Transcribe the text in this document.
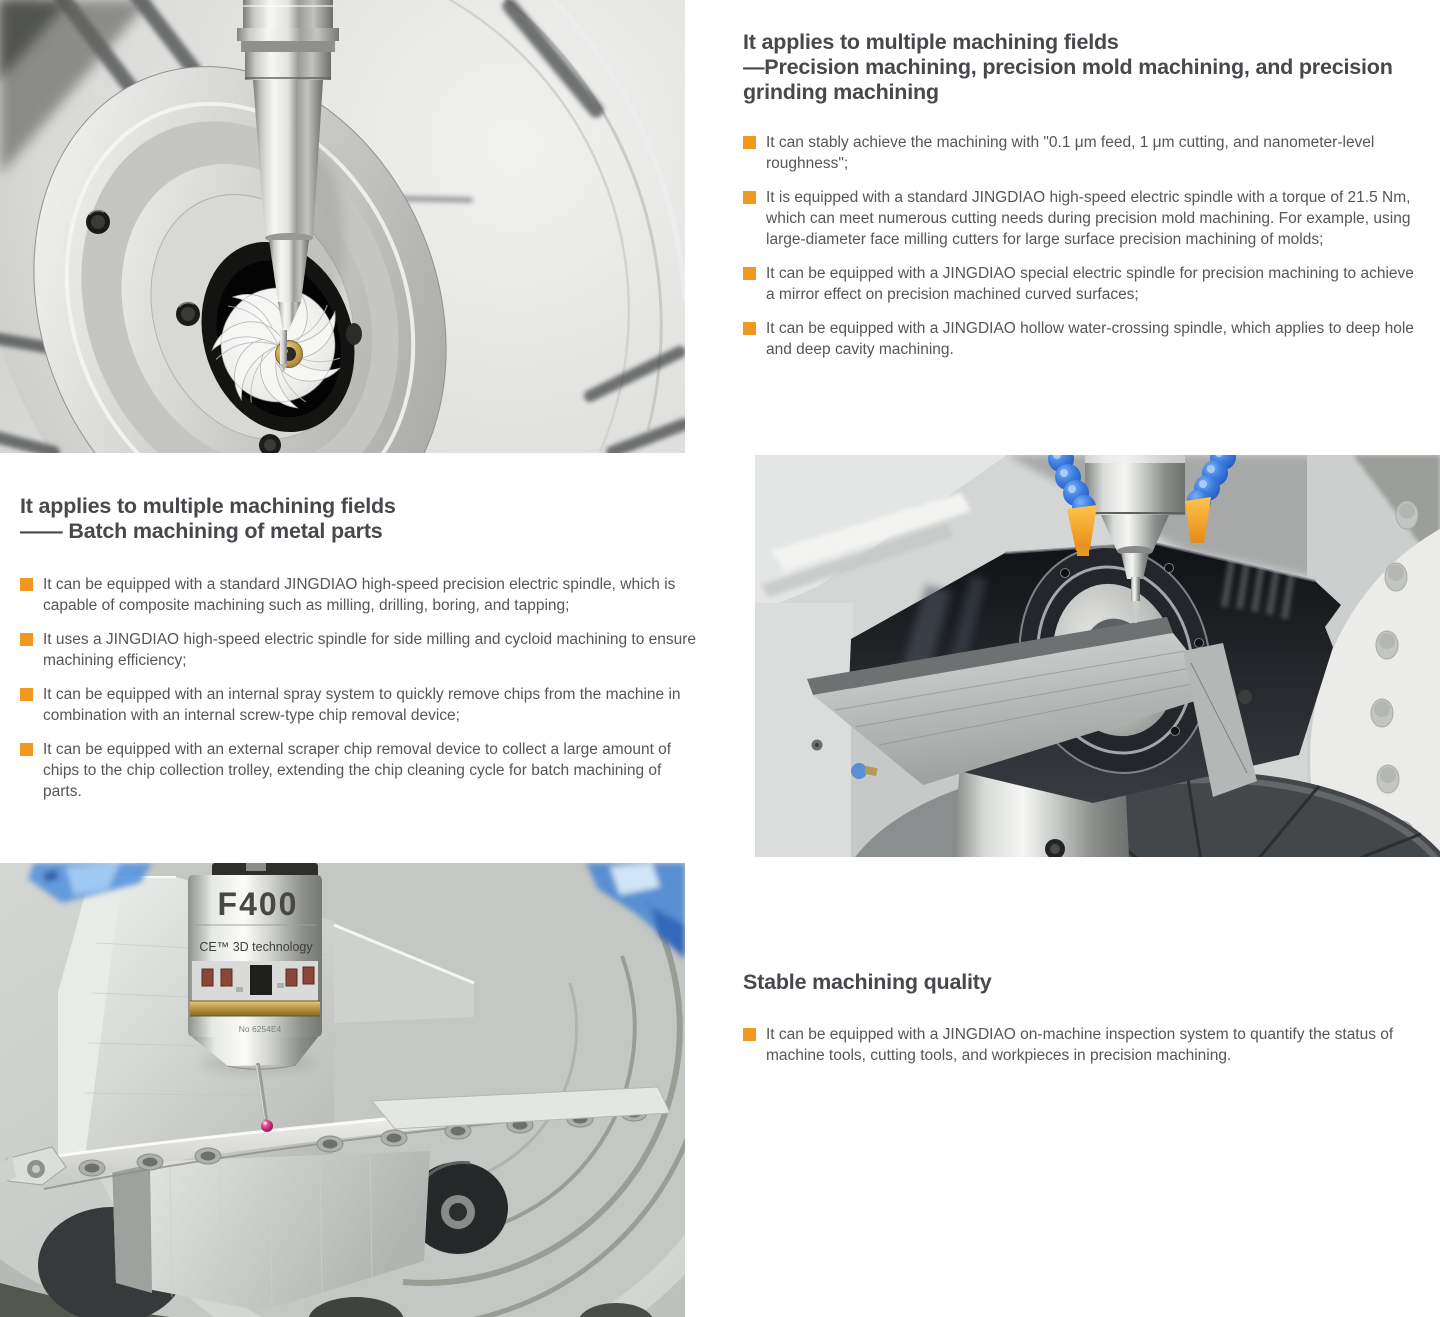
It applies to multiple machining fields
—Precision machining, precision mold machining, and precision grinding machining
It can stably achieve the machining with "0.1 μm feed, 1 μm cutting, and nanometer-level roughness";
It is equipped with a standard JINGDIAO high-speed electric spindle with a torque of 21.5 Nm, which can meet numerous cutting needs during precision mold machining. For example, using large-diameter face milling cutters for large surface precision machining of molds;
It can be equipped with a JINGDIAO special electric spindle for precision machining to achieve a mirror effect on precision machined curved surfaces;
It can be equipped with a JINGDIAO hollow water-crossing spindle, which applies to deep hole and deep cavity machining.
It applies to multiple machining fields
—— Batch machining of metal parts
It can be equipped with a standard JINGDIAO high-speed precision electric spindle, which is capable of composite machining such as milling, drilling, boring, and tapping;
It uses a JINGDIAO high-speed electric spindle for side milling and cycloid machining to ensure machining efficiency;
It can be equipped with an internal spray system to quickly remove chips from the machine in combination with an internal screw-type chip removal device;
It can be equipped with an external scraper chip removal device to collect a large amount of chips to the chip collection trolley, extending the chip cleaning cycle for batch machining of parts.
F400
CE™ 3D technology
No 6254E4
Stable machining quality
It can be equipped with a JINGDIAO on-machine inspection system to quantify the status of machine tools, cutting tools, and workpieces in precision machining.
